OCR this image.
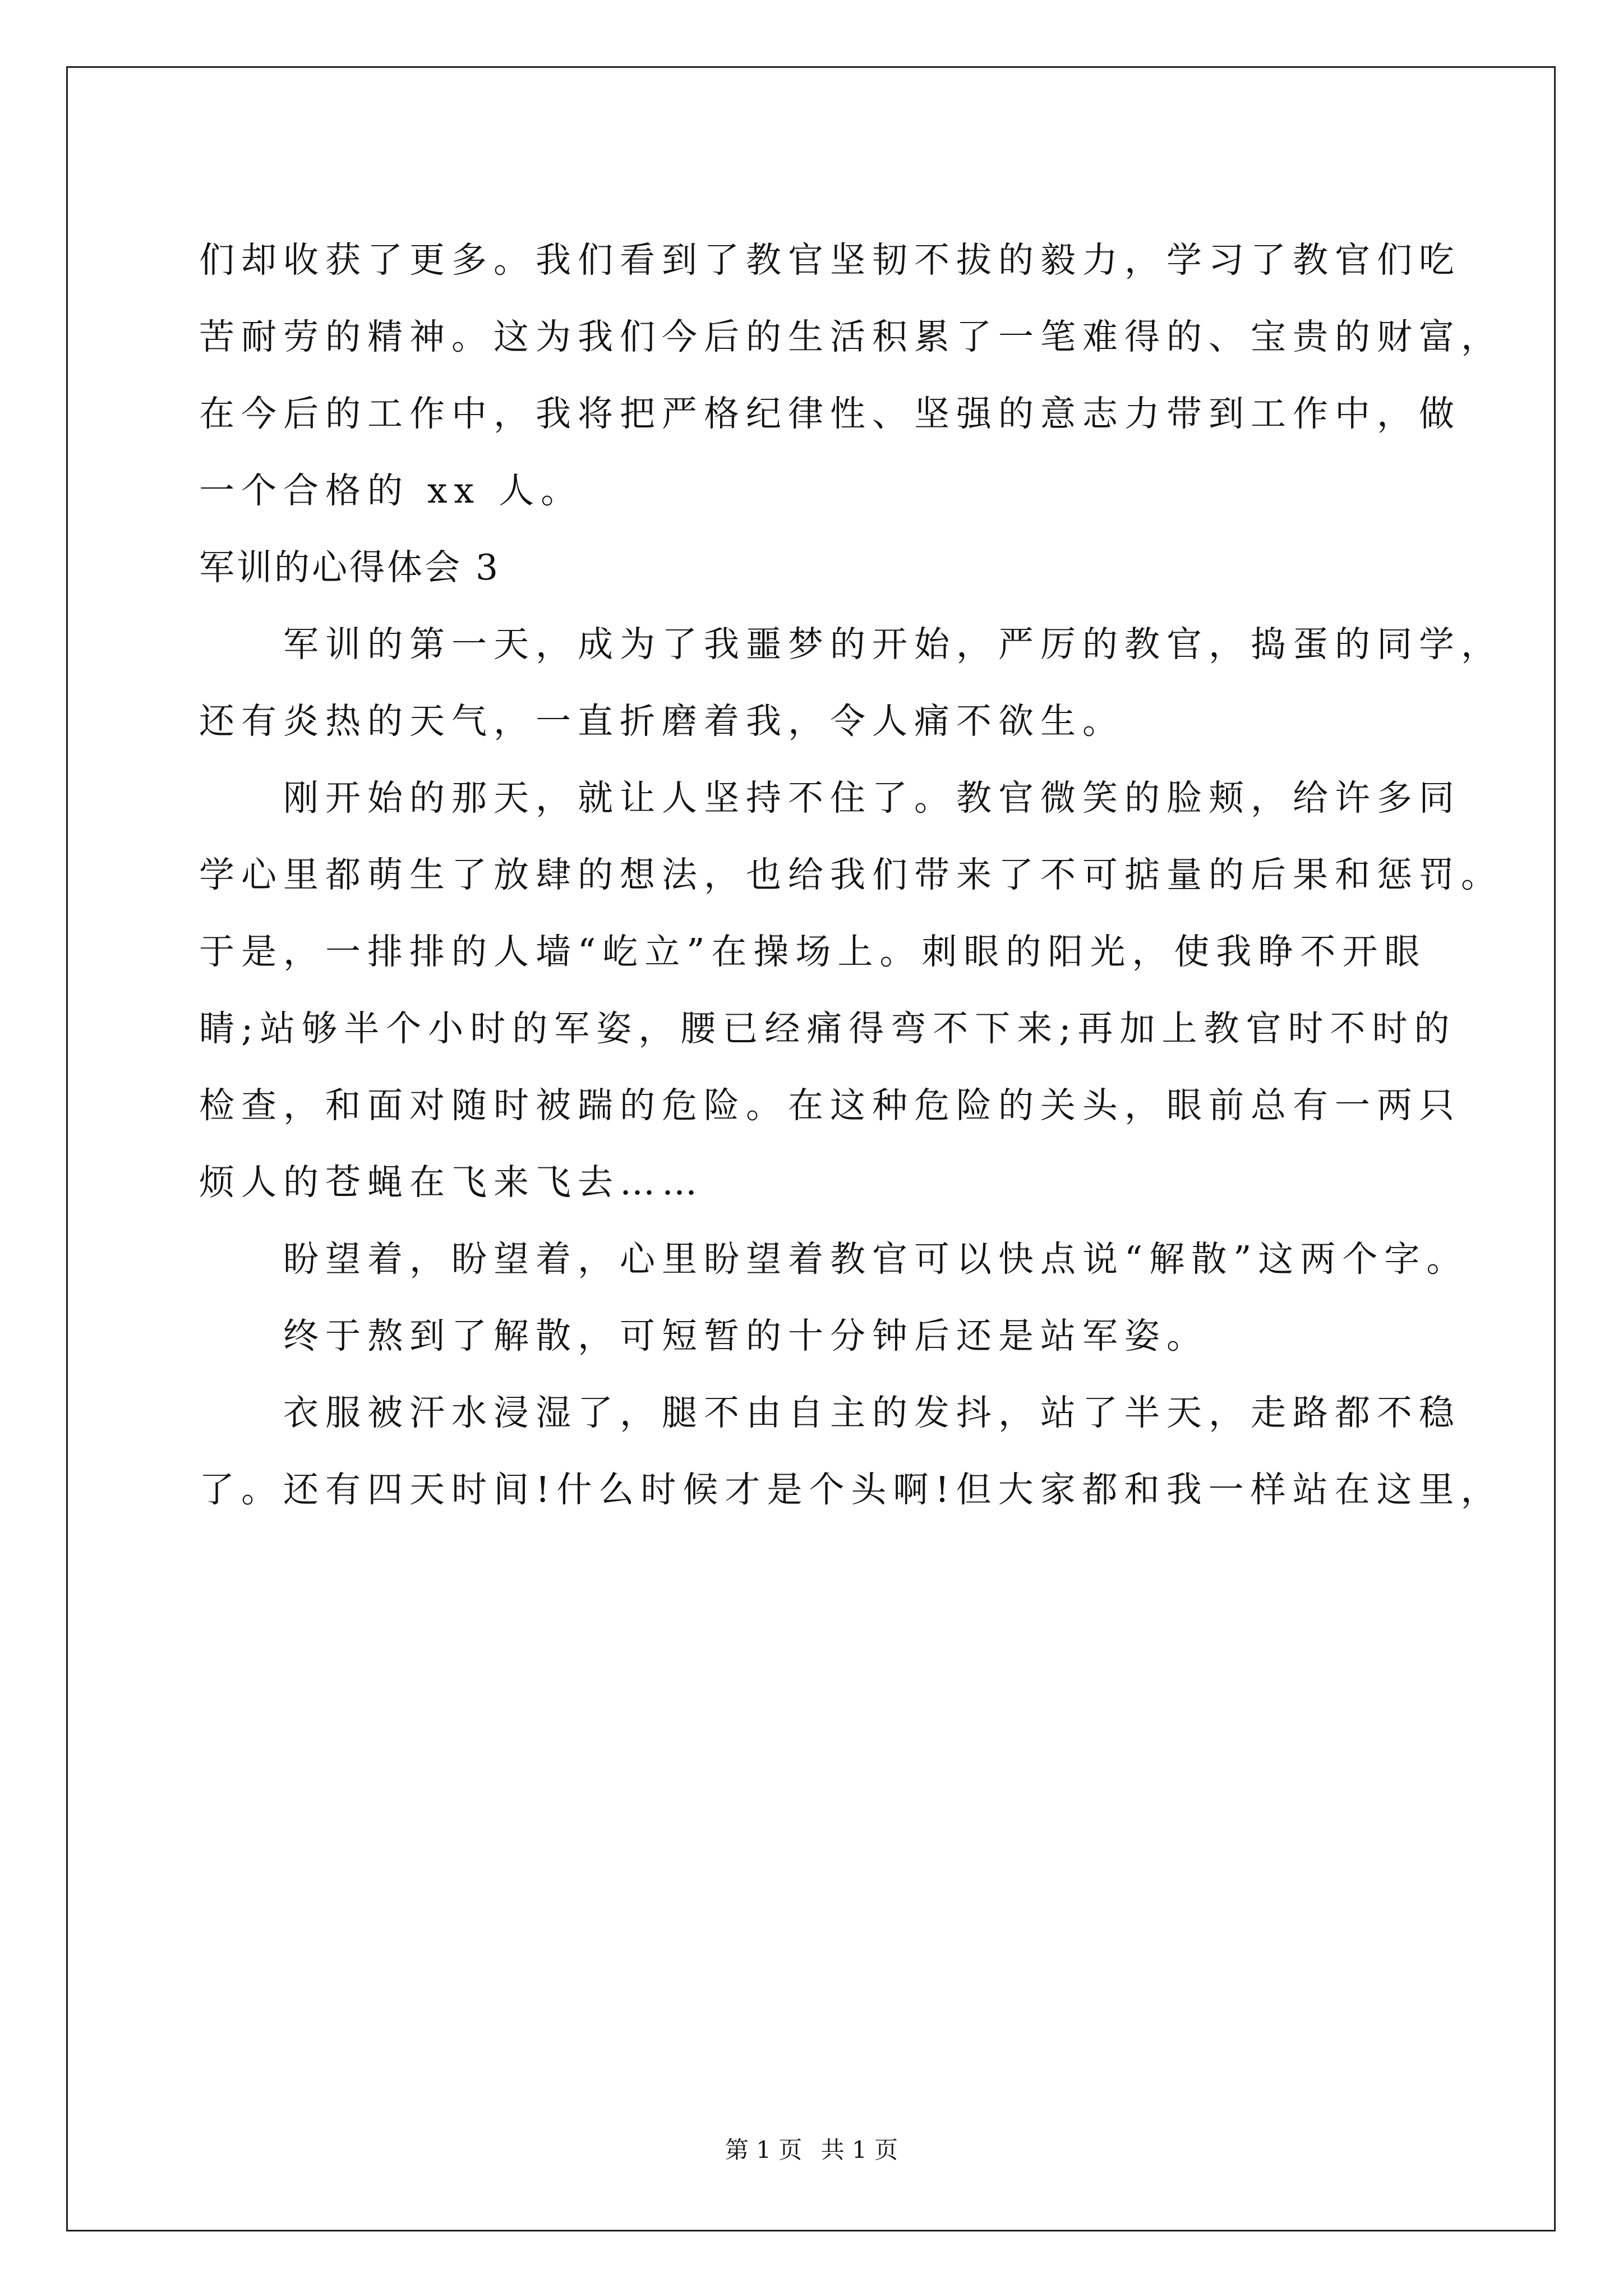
们却收获了更多。我们看到了教官坚韧不拔的毅力，学习了教官们吃
苦耐劳的精神。这为我们今后的生活积累了一笔难得的、宝贵的财富，
在今后的工作中，我将把严格纪律性、坚强的意志力带到工作中，做
一个合格的 xx 人。
军训的心得体会 3
军训的第一天，成为了我噩梦的开始，严厉的教官，捣蛋的同学，
还有炎热的天气，一直折磨着我，令人痛不欲生。
刚开始的那天，就让人坚持不住了。教官微笑的脸颊，给许多同
学心里都萌生了放肆的想法，也给我们带来了不可掂量的后果和惩罚。
于是，一排排的人墙“屹立”在操场上。刺眼的阳光，使我睁不开眼
睛;站够半个小时的军姿，腰已经痛得弯不下来;再加上教官时不时的
检查，和面对随时被踹的危险。在这种危险的关头，眼前总有一两只
烦人的苍蝇在飞来飞去……
盼望着，盼望着，心里盼望着教官可以快点说“解散”这两个字。
终于熬到了解散，可短暂的十分钟后还是站军姿。
衣服被汗水浸湿了，腿不由自主的发抖，站了半天，走路都不稳
了。还有四天时间!什么时候才是个头啊!但大家都和我一样站在这里，
第 1 页 共 1 页
